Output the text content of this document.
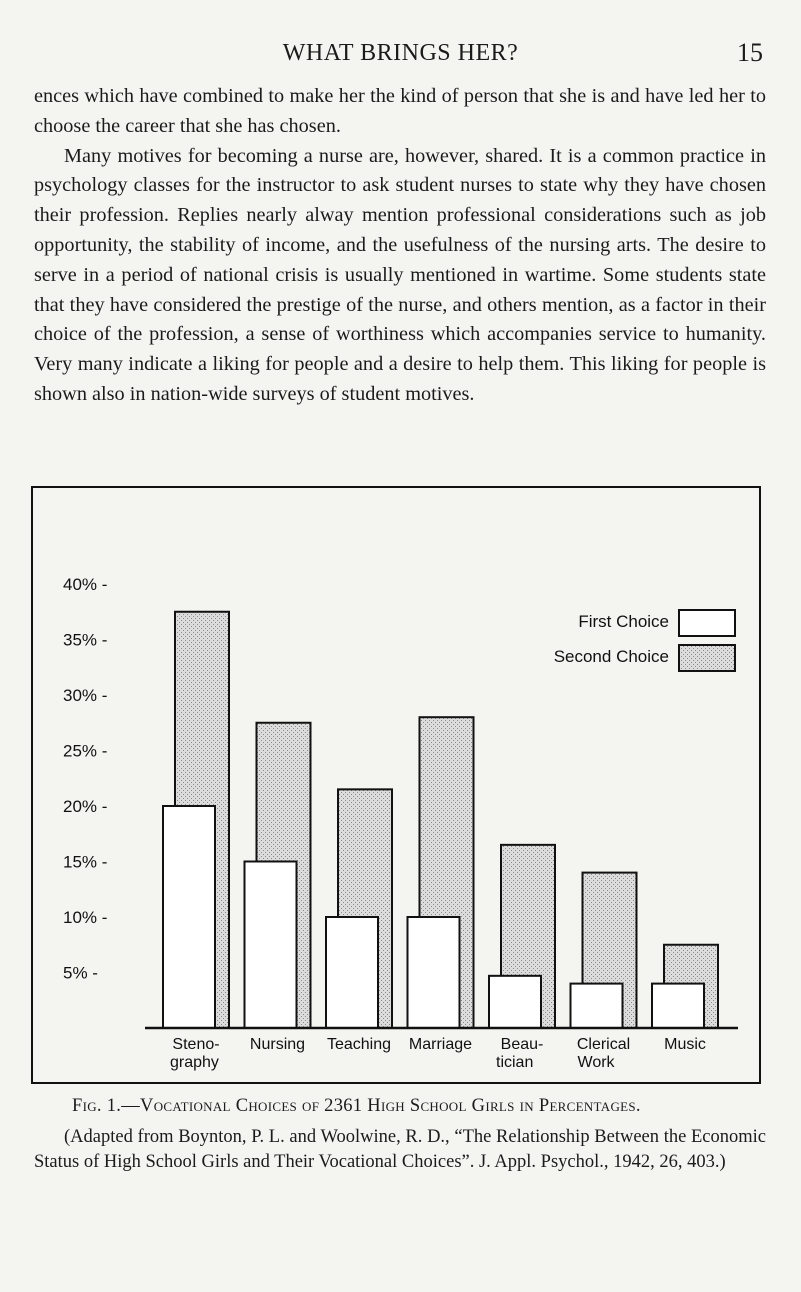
WHAT BRINGS HER?	15

ences which have combined to make her the kind of person that she is and have led her to choose the career that she has chosen.

Many motives for becoming a nurse are, however, shared. It is a common practice in psychology classes for the instructor to ask student nurses to state why they have chosen their profession. Replies nearly alway mention professional considerations such as job opportunity, the stability of income, and the usefulness of the nursing arts. The desire to serve in a period of national crisis is usually mentioned in wartime. Some students state that they have considered the prestige of the nurse, and others mention, as a factor in their choice of the profession, a sense of worthiness which accompanies service to humanity. Very many indicate a liking for people and a desire to help them. This liking for people is shown also in nation-wide surveys of student motives.

5% -
10% -
15% -
20% -
25% -
30% -
35% -
40% -
Steno-
graphy
Nursing Teaching Marriage Beau-
tician
Clerical
Work
Music
First Choice
Second Choice
Fig. 1.—Vocational Choices of 2361 High School Girls in Percentages.

(Adapted from Boynton, P. L. and Woolwine, R. D., “The Relationship Between the Economic Status of High School Girls and Their Vocational Choices”. J. Appl. Psychol., 1942, 26, 403.)
